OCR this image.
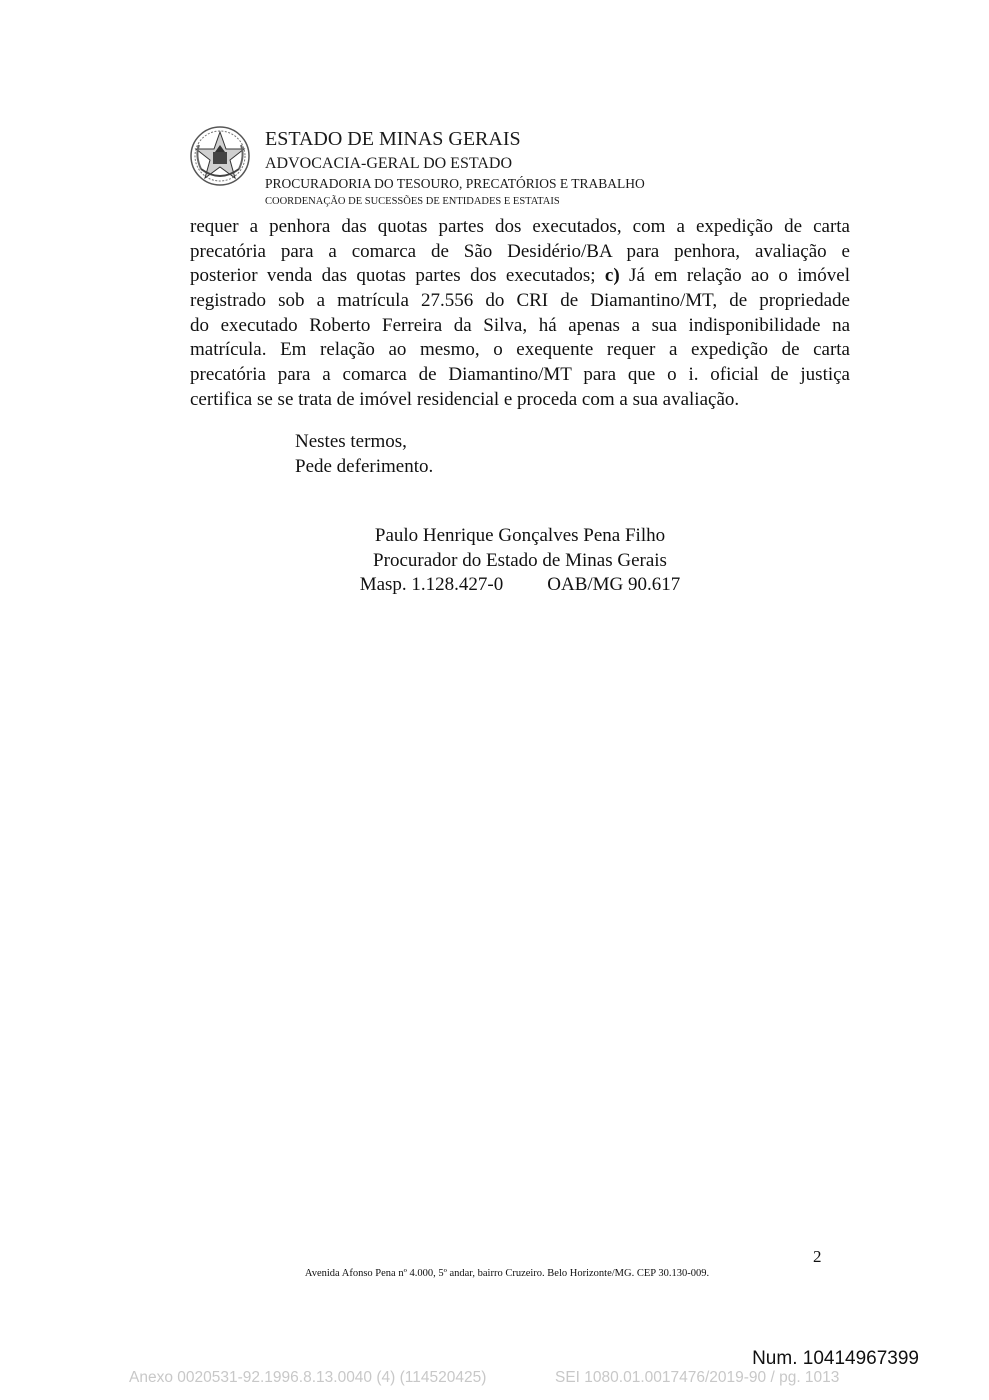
ESTADO DE MINAS GERAIS
ADVOCACIA-GERAL DO ESTADO
PROCURADORIA DO TESOURO, PRECATÓRIOS E TRABALHO
COORDENAÇÃO DE SUCESSÕES DE ENTIDADES E ESTATAIS
requer a penhora das quotas partes dos executados, com a expedição de carta
precatória para a comarca de São Desidério/BA para penhora, avaliação e
posterior venda das quotas partes dos executados; c) Já em relação ao o imóvel
registrado sob a matrícula 27.556 do CRI de Diamantino/MT, de propriedade
do executado Roberto Ferreira da Silva, há apenas a sua indisponibilidade na
matrícula. Em relação ao mesmo, o exequente requer a expedição de carta
precatória para a comarca de Diamantino/MT para que o i. oficial de justiça
certifica se se trata de imóvel residencial e proceda com a sua avaliação.
Nestes termos,
Pede deferimento.
Paulo Henrique Gonçalves Pena Filho
Procurador do Estado de Minas Gerais
Masp. 1.128.427-0 OAB/MG 90.617
2
Avenida Afonso Pena nº 4.000, 5º andar, bairro Cruzeiro. Belo Horizonte/MG. CEP 30.130-009.
Num. 10414967399
Anexo 0020531-92.1996.8.13.0040 (4) (114520425)	SEI 1080.01.0017476/2019-90 / pg. 1013
